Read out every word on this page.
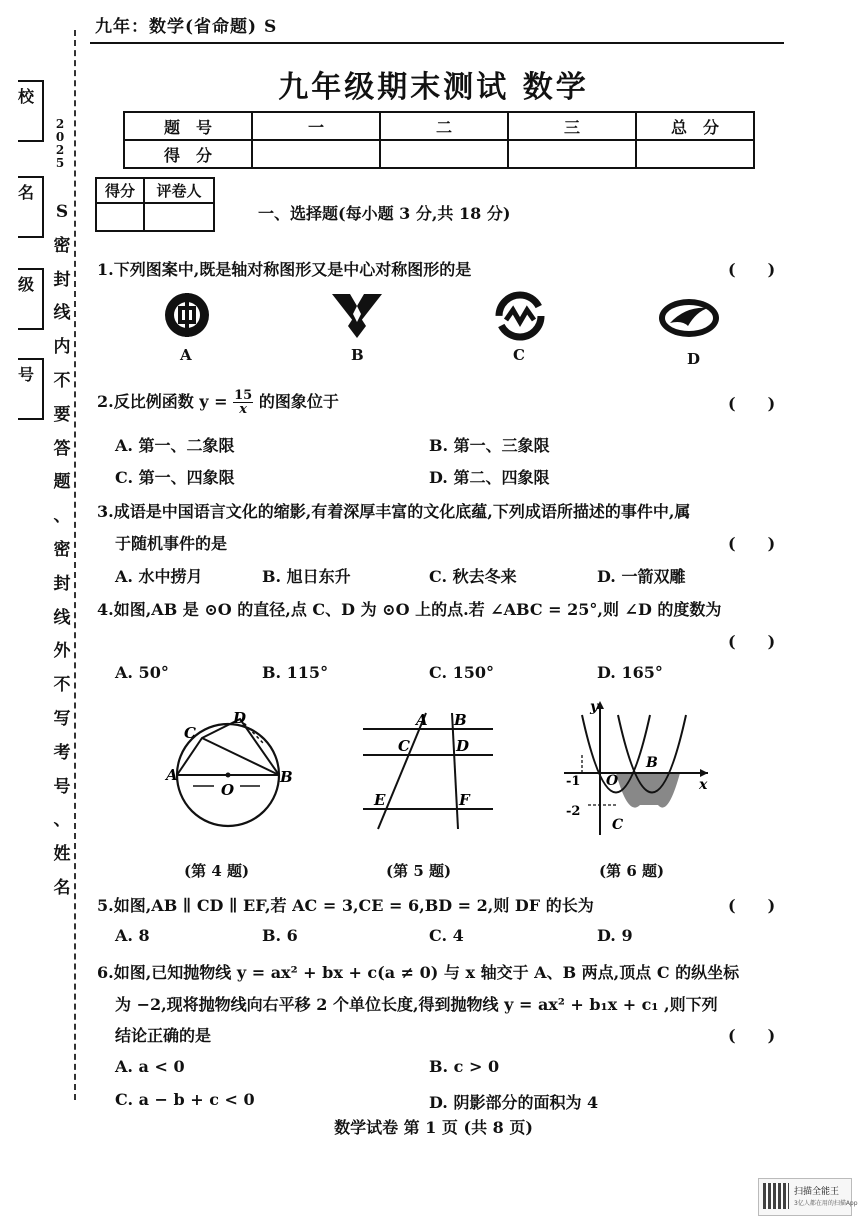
九年：数学(省命题) S
校
名
级
号
2
0
2
5
S
密
封
线
内
不
要
答
题
、
密
封
线
外
不
写
考
号
、
姓
名
九年级期末测试 数学
题　号	一	二	三	总　分
得　分				
得分	评卷人

一、选择题(每小题 3 分,共 18 分)
1.下列图案中,既是轴对称图形又是中心对称图形的是	(　　)
A	B	C	D
2.反比例函数 $y = \frac{15}{x}$ 的图象位于	(　　)
A. 第一、二象限	B. 第一、三象限
C. 第一、四象限	D. 第二、四象限
3.成语是中国语言文化的缩影,有着深厚丰富的文化底蕴,下列成语所描述的事件中,属
于随机事件的是	(　　)
A. 水中捞月	B. 旭日东升	C. 秋去冬来	D. 一箭双雕
4.如图,AB 是 ⊙O 的直径,点 C、D 为 ⊙O 上的点.若 ∠ABC = 25°,则 ∠D 的度数为
(　　)
A. 50°	B. 115°	C. 150°	D. 165°
A	B
C
D
O
A B
C	D
E	F
y
x
O
B
C
-1
-2
(第 4 题)	(第 5 题)	(第 6 题)
5.如图,AB ∥ CD ∥ EF,若 AC = 3,CE = 6,BD = 2,则 DF 的长为	(　　)
A. 8	B. 6	C. 4	D. 9
6.如图,已知抛物线 y = ax² + bx + c(a ≠ 0) 与 x 轴交于 A、B 两点,顶点 C 的纵坐标
为 −2,现将抛物线向右平移 2 个单位长度,得到抛物线 y = ax² + b₁x + c₁ ,则下列
结论正确的是	(　　)
A. a < 0	B. c > 0
C. a − b + c < 0	D. 阴影部分的面积为 4
数学试卷 第 1 页 (共 8 页)
扫描全能王
3亿人都在用的扫描App
